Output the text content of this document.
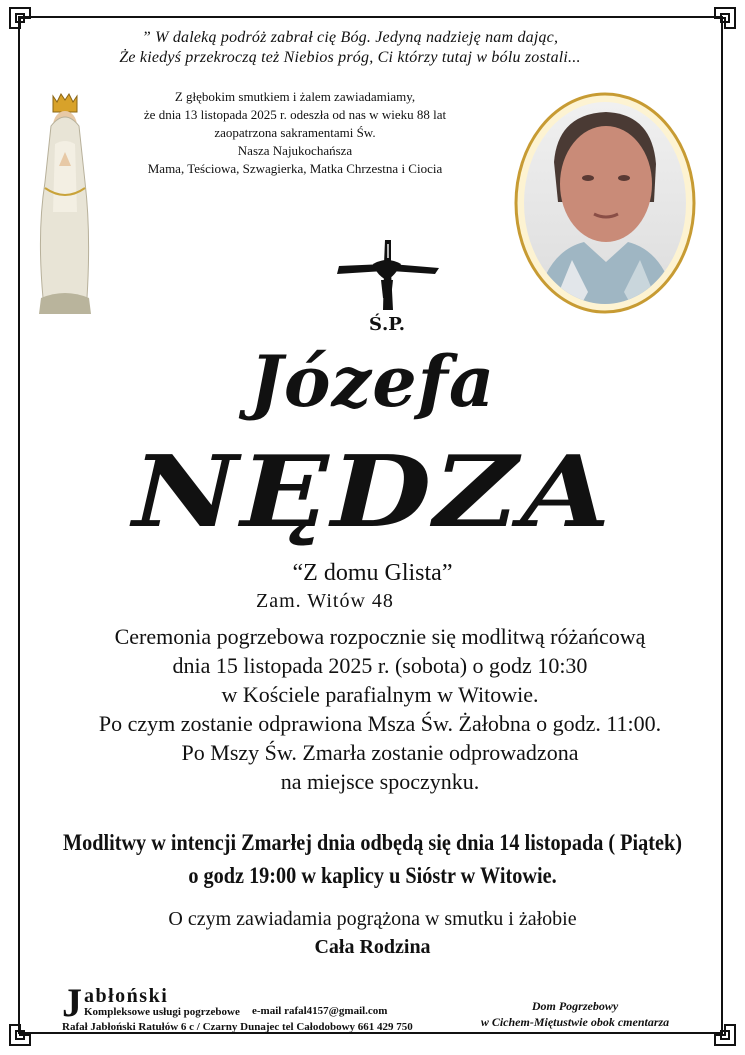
” W daleką podróż zabrał cię Bóg. Jedyną nadzieję nam dając,
Że kiedyś przekroczą też Niebios próg, Ci którzy tutaj w bólu zostali...
Z głębokim smutkiem i żalem zawiadamiamy,
że dnia 13 listopada 2025 r. odeszła od nas w wieku 88 lat
zaopatrzona sakramentami Św.
Nasza Najukochańsza
Mama, Teściowa, Szwagierka, Matka Chrzestna i Ciocia
Ś.P.
Józefa
NĘDZA
“Z domu Glista”
Zam. Witów 48
Ceremonia pogrzebowa rozpocznie się modlitwą różańcową
dnia 15 listopada 2025 r. (sobota) o godz 10:30
w Kościele parafialnym w Witowie.
Po czym zostanie odprawiona Msza Św. Żałobna o godz. 11:00.
Po Mszy Św. Zmarła zostanie odprowadzona
na miejsce spoczynku.
Modlitwy w intencji Zmarłej dnia odbędą się dnia 14 listopada ( Piątek)
o godz 19:00 w kaplicy u Sióstr w Witowie.
O czym zawiadamia pogrążona w smutku i żałobie
Cała Rodzina
J abłoński
Kompleksowe usługi pogrzebowe e-mail rafal4157@gmail.com
Rafał Jabłoński Ratułów 6 c / Czarny Dunajec tel Całodobowy 661 429 750
Dom Pogrzebowy
w Cichem-Miętustwie obok cmentarza
